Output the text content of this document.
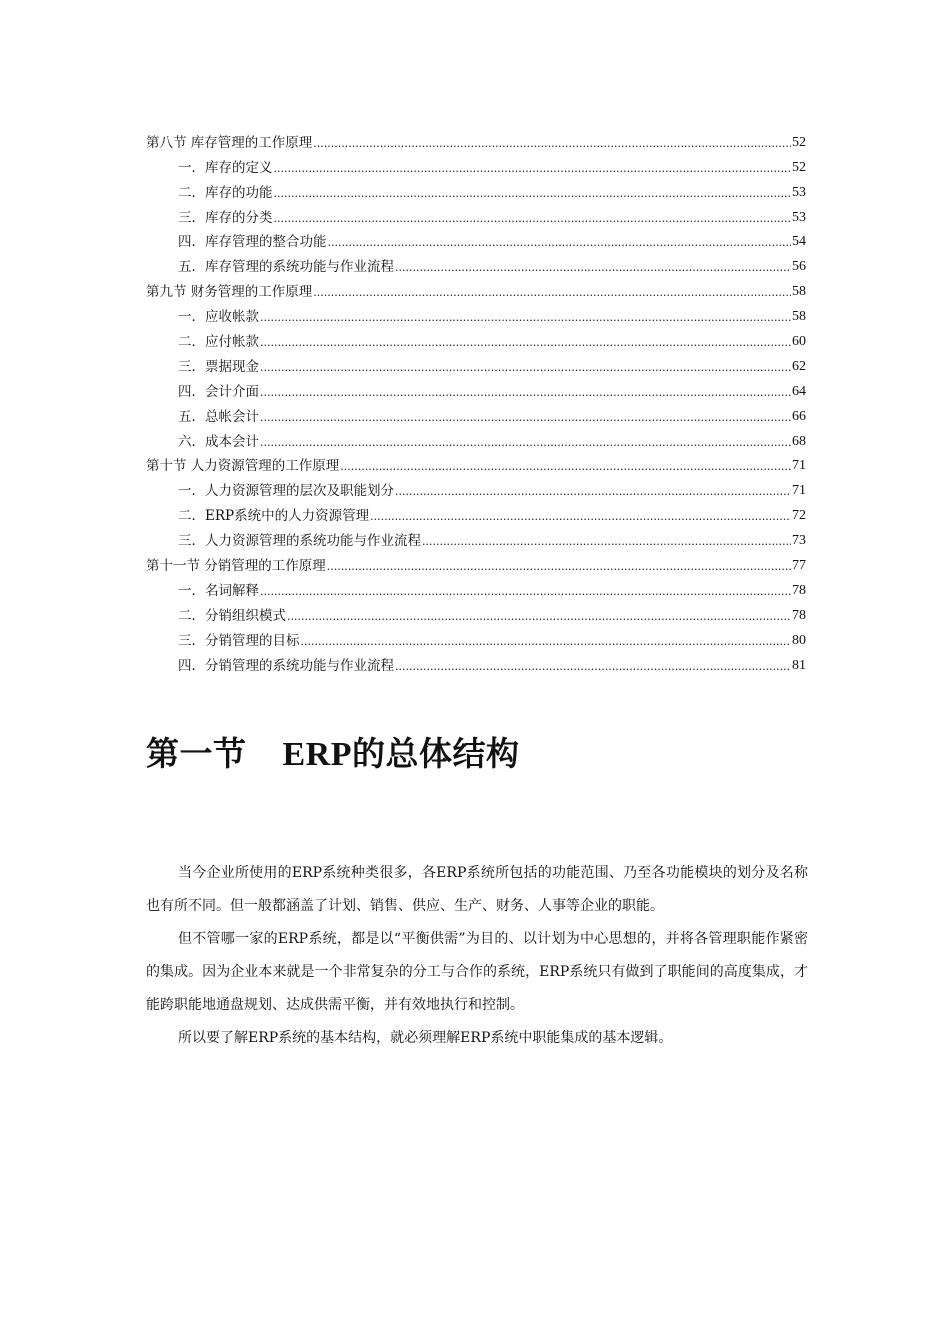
第八节 库存管理的工作原理 .....	52
一．库存的定义 .....	52
二．库存的功能 .....	53
三．库存的分类 .....	53
四．库存管理的整合功能 .....	54
五．库存管理的系统功能与作业流程 .....	56
第九节 财务管理的工作原理 .....	58
一．应收帐款 .....	58
二．应付帐款 .....	60
三．票据现金 .....	62
四．会计介面 .....	64
五．总帐会计 .....	66
六．成本会计 .....	68
第十节 人力资源管理的工作原理 .....	71
一．人力资源管理的层次及职能划分 .....	71
二．ERP系统中的人力资源管理 .....	72
三．人力资源管理的系统功能与作业流程 .....	73
第十一节 分销管理的工作原理 .....	77
一．名词解释 .....	78
二．分销组织模式 .....	78
三．分销管理的目标 .....	80
四．分销管理的系统功能与作业流程 .....	81
第一节 ERP的总体结构

当今企业所使用的ERP系统种类很多，各ERP系统所包括的功能范围、乃至各功能模块的划分及名称也有所不同。但一般都涵盖了计划、销售、供应、生产、财务、人事等企业的职能。

但不管哪一家的ERP系统，都是以“平衡供需”为目的、以计划为中心思想的，并将各管理职能作紧密的集成。因为企业本来就是一个非常复杂的分工与合作的系统，ERP系统只有做到了职能间的高度集成，才能跨职能地通盘规划、达成供需平衡，并有效地执行和控制。

所以要了解ERP系统的基本结构，就必须理解ERP系统中职能集成的基本逻辑。
